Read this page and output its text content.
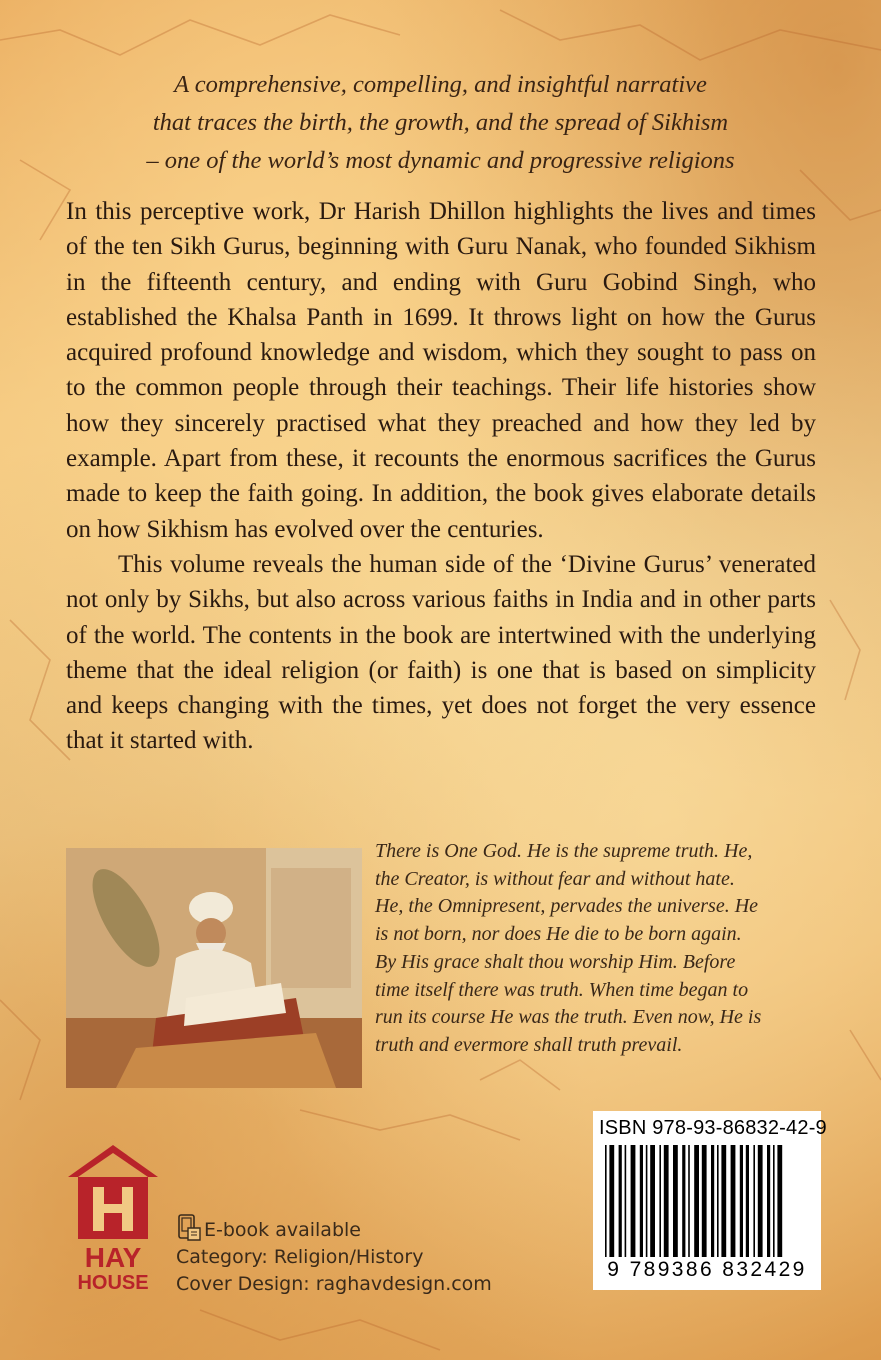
A comprehensive, compelling, and insightful narrative
that traces the birth, the growth, and the spread of Sikhism
– one of the world’s most dynamic and progressive religions

In this perceptive work, Dr Harish Dhillon highlights the lives and times of the ten Sikh Gurus, beginning with Guru Nanak, who founded Sikhism in the fifteenth century, and ending with Guru Gobind Singh, who established the Khalsa Panth in 1699. It throws light on how the Gurus acquired profound knowledge and wisdom, which they sought to pass on to the common people through their teachings. Their life histories show how they sincerely practised what they preached and how they led by example. Apart from these, it recounts the enormous sacrifices the Gurus made to keep the faith going. In addition, the book gives elaborate details on how Sikhism has evolved over the centuries.

This volume reveals the human side of the ‘Divine Gurus’ venerated not only by Sikhs, but also across various faiths in India and in other parts of the world. The contents in the book are intertwined with the underlying theme that the ideal religion (or faith) is one that is based on simplicity and keeps changing with the times, yet does not forget the very essence that it started with.

There is One God. He is the supreme truth. He,
the Creator, is without fear and without hate.
He, the Omnipresent, pervades the universe. He
is not born, nor does He die to be born again.
By His grace shalt thou worship Him. Before
time itself there was truth. When time began to
run its course He was the truth. Even now, He is
truth and evermore shall truth prevail.
HAY
HOUSE
E-book available
Category: Religion/History
Cover Design: raghavdesign.com
ISBN 978-93-86832-42-9
9 789386 832429
